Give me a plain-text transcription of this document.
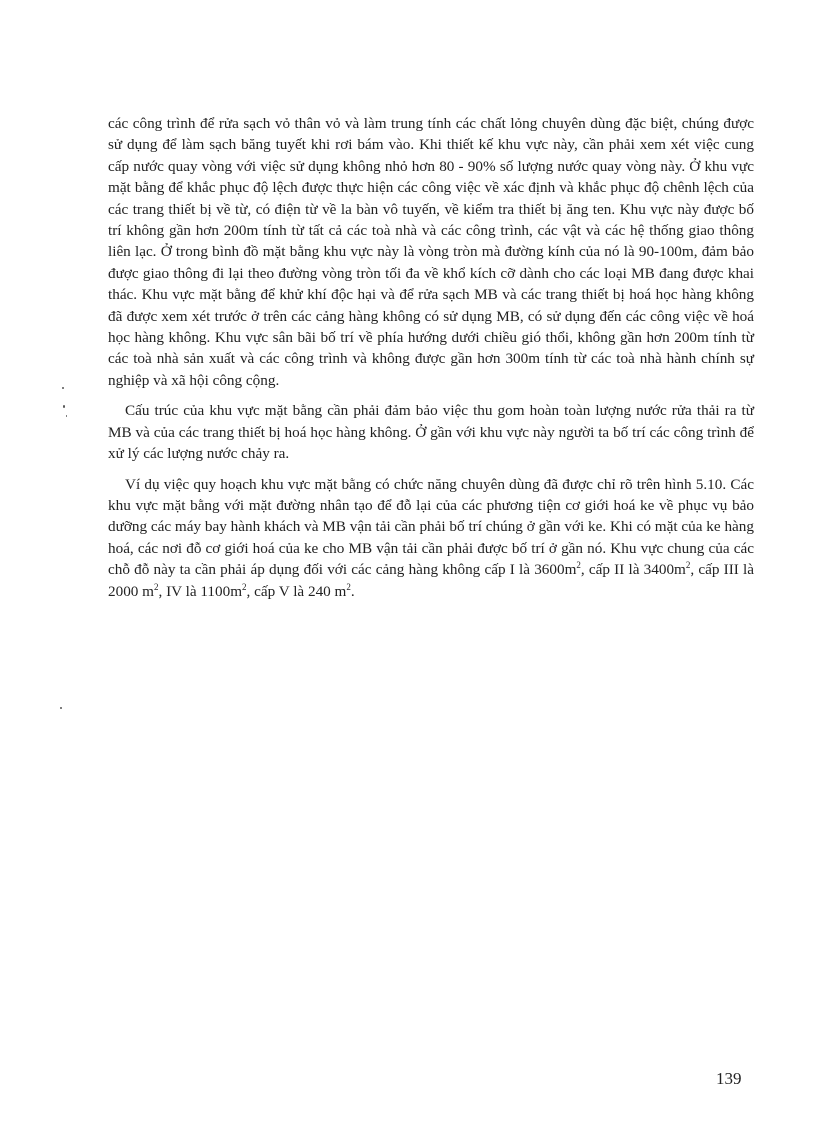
các công trình để rửa sạch vỏ thân vỏ và làm trung tính các chất lỏng chuyên dùng đặc biệt, chúng được sử dụng để làm sạch băng tuyết khi rơi bám vào. Khi thiết kế khu vực này, cần phải xem xét việc cung cấp nước quay vòng với việc sử dụng không nhỏ hơn 80 - 90% số lượng nước quay vòng này. Ở khu vực mặt bằng để khắc phục độ lệch được thực hiện các công việc về xác định và khắc phục độ chênh lệch của các trang thiết bị về từ, có điện từ về la bàn vô tuyến, về kiểm tra thiết bị ăng ten. Khu vực này được bố trí không gần hơn 200m tính từ tất cả các toà nhà và các công trình, các vật và các hệ thống giao thông liên lạc. Ở trong bình đồ mặt bằng khu vực này là vòng tròn mà đường kính của nó là 90-100m, đảm bảo được giao thông đi lại theo đường vòng tròn tối đa về khổ kích cỡ dành cho các loại MB đang được khai thác. Khu vực mặt bằng để khử khí độc hại và để rửa sạch MB và các trang thiết bị hoá học hàng không đã được xem xét trước ở trên các cảng hàng không có sử dụng MB, có sử dụng đến các công việc về hoá học hàng không. Khu vực sân bãi bố trí về phía hướng dưới chiều gió thổi, không gần hơn 200m tính từ các toà nhà sản xuất và các công trình và không được gần hơn 300m tính từ các toà nhà hành chính sự nghiệp và xã hội công cộng.

Cấu trúc của khu vực mặt bằng cần phải đảm bảo việc thu gom hoàn toàn lượng nước rửa thải ra từ MB và của các trang thiết bị hoá học hàng không. Ở gần với khu vực này người ta bố trí các công trình để xử lý các lượng nước chảy ra.

Ví dụ việc quy hoạch khu vực mặt bằng có chức năng chuyên dùng đã được chỉ rõ trên hình 5.10. Các khu vực mặt bằng với mặt đường nhân tạo để đỗ lại của các phương tiện cơ giới hoá ke về phục vụ bảo dưỡng các máy bay hành khách và MB vận tải cần phải bố trí chúng ở gần với ke. Khi có mặt của ke hàng hoá, các nơi đỗ cơ giới hoá của ke cho MB vận tải cần phải được bố trí ở gần nó. Khu vực chung của các chỗ đỗ này ta cần phải áp dụng đối với các cảng hàng không cấp I là $3600m^2$, cấp II là $3400m^2$, cấp III là 2000 $m^2$, IV là $1100m^2$, cấp V là 240 $m^2$.

139
